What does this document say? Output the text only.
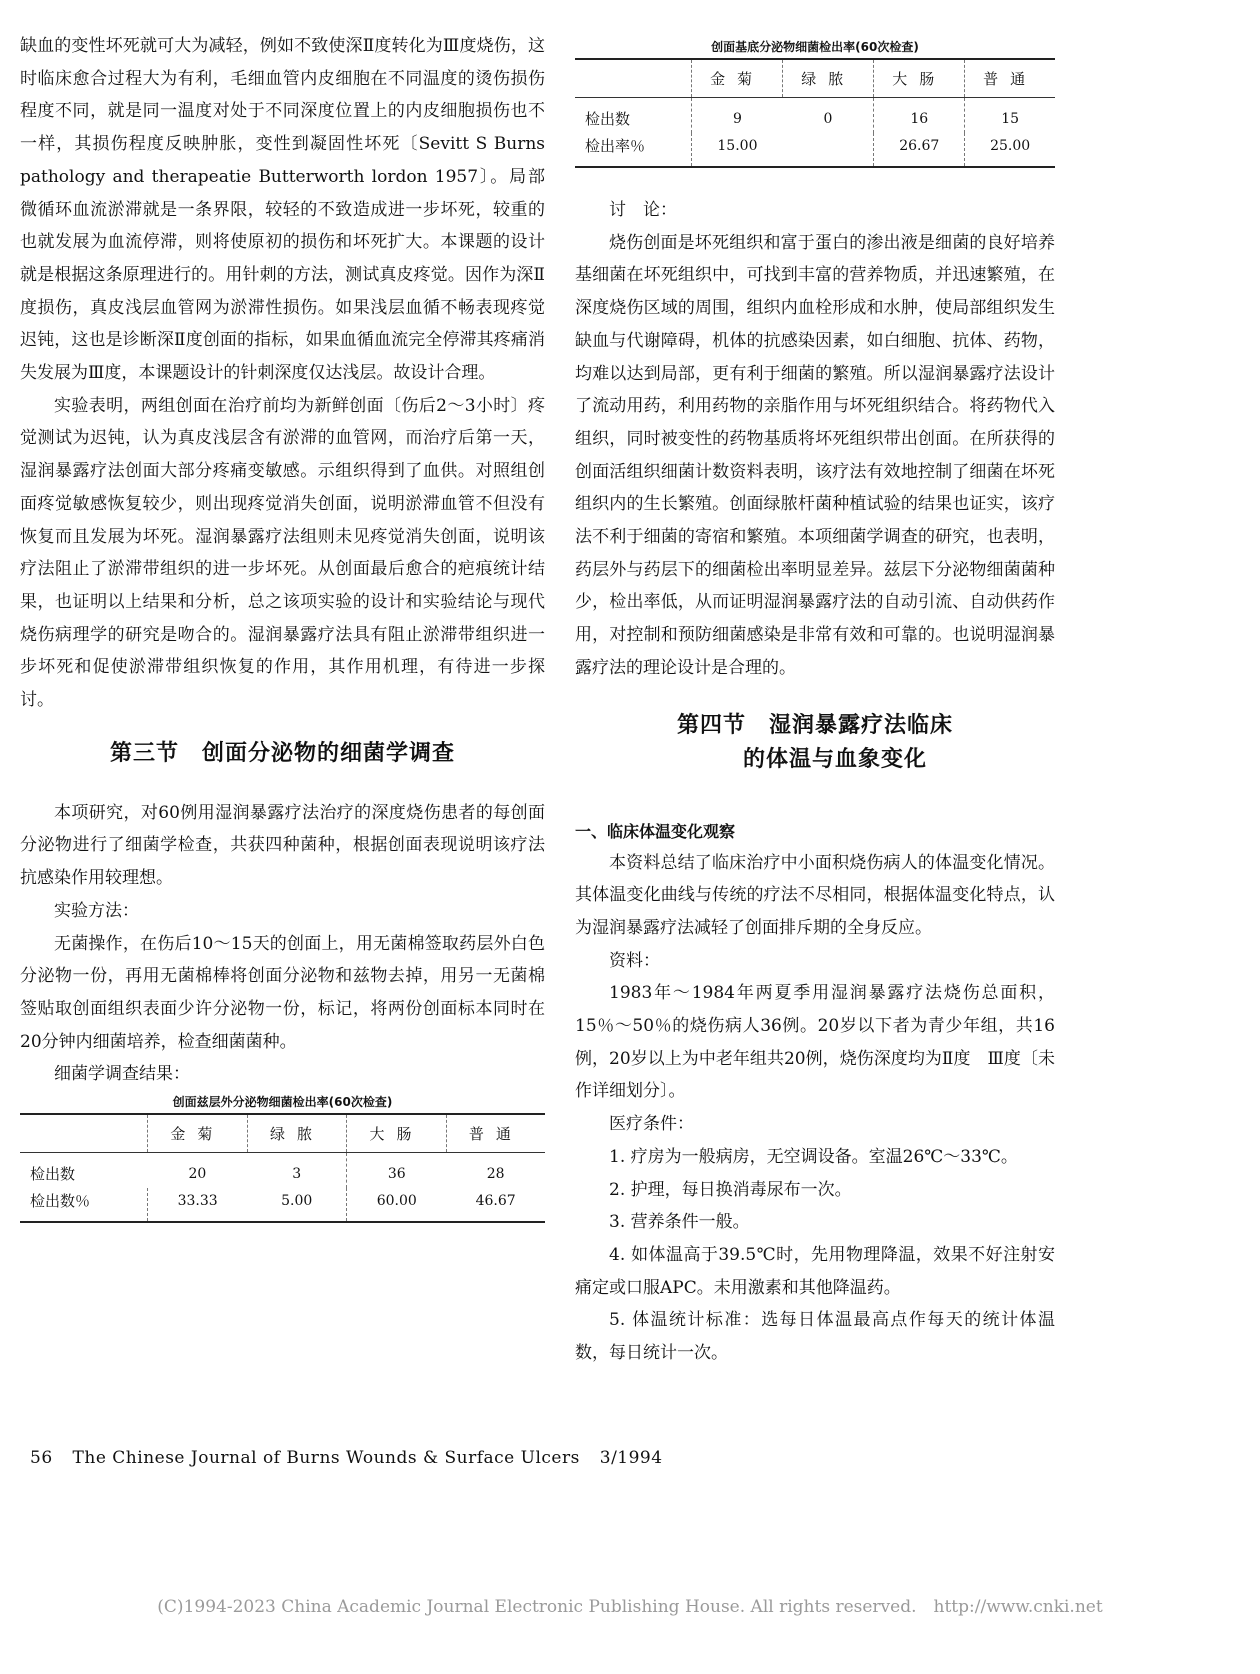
缺血的变性坏死就可大为减轻，例如不致使深Ⅱ度转化为Ⅲ度烧伤，这时临床愈合过程大为有利，毛细血管内皮细胞在不同温度的烫伤损伤程度不同，就是同一温度对处于不同深度位置上的内皮细胞损伤也不一样，其损伤程度反映肿胀，变性到凝固性坏死〔Sevitt S Burns pathology and therapeatie Butterworth lordon 1957〕。局部微循环血流淤滞就是一条界限，较轻的不致造成进一步坏死，较重的也就发展为血流停滞，则将使原初的损伤和坏死扩大。本课题的设计就是根据这条原理进行的。用针刺的方法，测试真皮疼觉。因作为深Ⅱ度损伤，真皮浅层血管网为淤滞性损伤。如果浅层血循不畅表现疼觉迟钝，这也是诊断深Ⅱ度创面的指标，如果血循血流完全停滞其疼痛消失发展为Ⅲ度，本课题设计的针刺深度仅达浅层。故设计合理。

实验表明，两组创面在治疗前均为新鲜创面〔伤后2～3小时〕疼觉测试为迟钝，认为真皮浅层含有淤滞的血管网，而治疗后第一天，湿润暴露疗法创面大部分疼痛变敏感。示组织得到了血供。对照组创面疼觉敏感恢复较少，则出现疼觉消失创面，说明淤滞血管不但没有恢复而且发展为坏死。湿润暴露疗法组则未见疼觉消失创面，说明该疗法阻止了淤滞带组织的进一步坏死。从创面最后愈合的疤痕统计结果，也证明以上结果和分析，总之该项实验的设计和实验结论与现代烧伤病理学的研究是吻合的。湿润暴露疗法具有阻止淤滞带组织进一步坏死和促使淤滞带组织恢复的作用，其作用机理，有待进一步探讨。

第三节　创面分泌物的细菌学调查

本项研究，对60例用湿润暴露疗法治疗的深度烧伤患者的每创面分泌物进行了细菌学检查，共获四种菌种，根据创面表现说明该疗法抗感染作用较理想。

实验方法：

无菌操作，在伤后10～15天的创面上，用无菌棉签取药层外白色分泌物一份，再用无菌棉棒将创面分泌物和兹物去掉，用另一无菌棉签贴取创面组织表面少许分泌物一份，标记，将两份创面标本同时在20分钟内细菌培养，检查细菌菌种。

细菌学调查结果：

创面兹层外分泌物细菌检出率(60次检查)
	金菊	绿脓	大肠	普通
检出数	20	3	36	28
检出数％	33.33	5.00	60.00	46.67
创面基底分泌物细菌检出率(60次检查)
	金菊	绿脓	大肠	普通
检出数	9	0	16	15
检出率％	15.00		26.67	25.00

讨　论：

烧伤创面是坏死组织和富于蛋白的渗出液是细菌的良好培养基细菌在坏死组织中，可找到丰富的营养物质，并迅速繁殖，在深度烧伤区域的周围，组织内血栓形成和水肿，使局部组织发生缺血与代谢障碍，机体的抗感染因素，如白细胞、抗体、药物，均难以达到局部，更有利于细菌的繁殖。所以湿润暴露疗法设计了流动用药，利用药物的亲脂作用与坏死组织结合。将药物代入组织，同时被变性的药物基质将坏死组织带出创面。在所获得的创面活组织细菌计数资料表明，该疗法有效地控制了细菌在坏死组织内的生长繁殖。创面绿脓杆菌种植试验的结果也证实，该疗法不利于细菌的寄宿和繁殖。本项细菌学调查的研究，也表明，药层外与药层下的细菌检出率明显差异。兹层下分泌物细菌菌种少，检出率低，从而证明湿润暴露疗法的自动引流、自动供药作用，对控制和预防细菌感染是非常有效和可靠的。也说明湿润暴露疗法的理论设计是合理的。

第四节　湿润暴露疗法临床
的体温与血象变化
一、临床体温变化观察

本资料总结了临床治疗中小面积烧伤病人的体温变化情况。其体温变化曲线与传统的疗法不尽相同，根据体温变化特点，认为湿润暴露疗法减轻了创面排斥期的全身反应。

资料：

1983年～1984年两夏季用湿润暴露疗法烧伤总面积，15％～50％的烧伤病人36例。20岁以下者为青少年组，共16例，20岁以上为中老年组共20例，烧伤深度均为Ⅱ度　Ⅲ度〔未作详细划分〕。

医疗条件：

1. 疗房为一般病房，无空调设备。室温26℃～33℃。

2. 护理，每日换消毒尿布一次。

3. 营养条件一般。

4. 如体温高于39.5℃时，先用物理降温，效果不好注射安痛定或口服APC。未用激素和其他降温药。

5. 体温统计标准：选每日体温最高点作每天的统计体温数，每日统计一次。

56 The Chinese Journal of Burns Wounds & Surface Ulcers 3/1994
(C)1994-2023 China Academic Journal Electronic Publishing House. All rights reserved.　http://www.cnki.net
